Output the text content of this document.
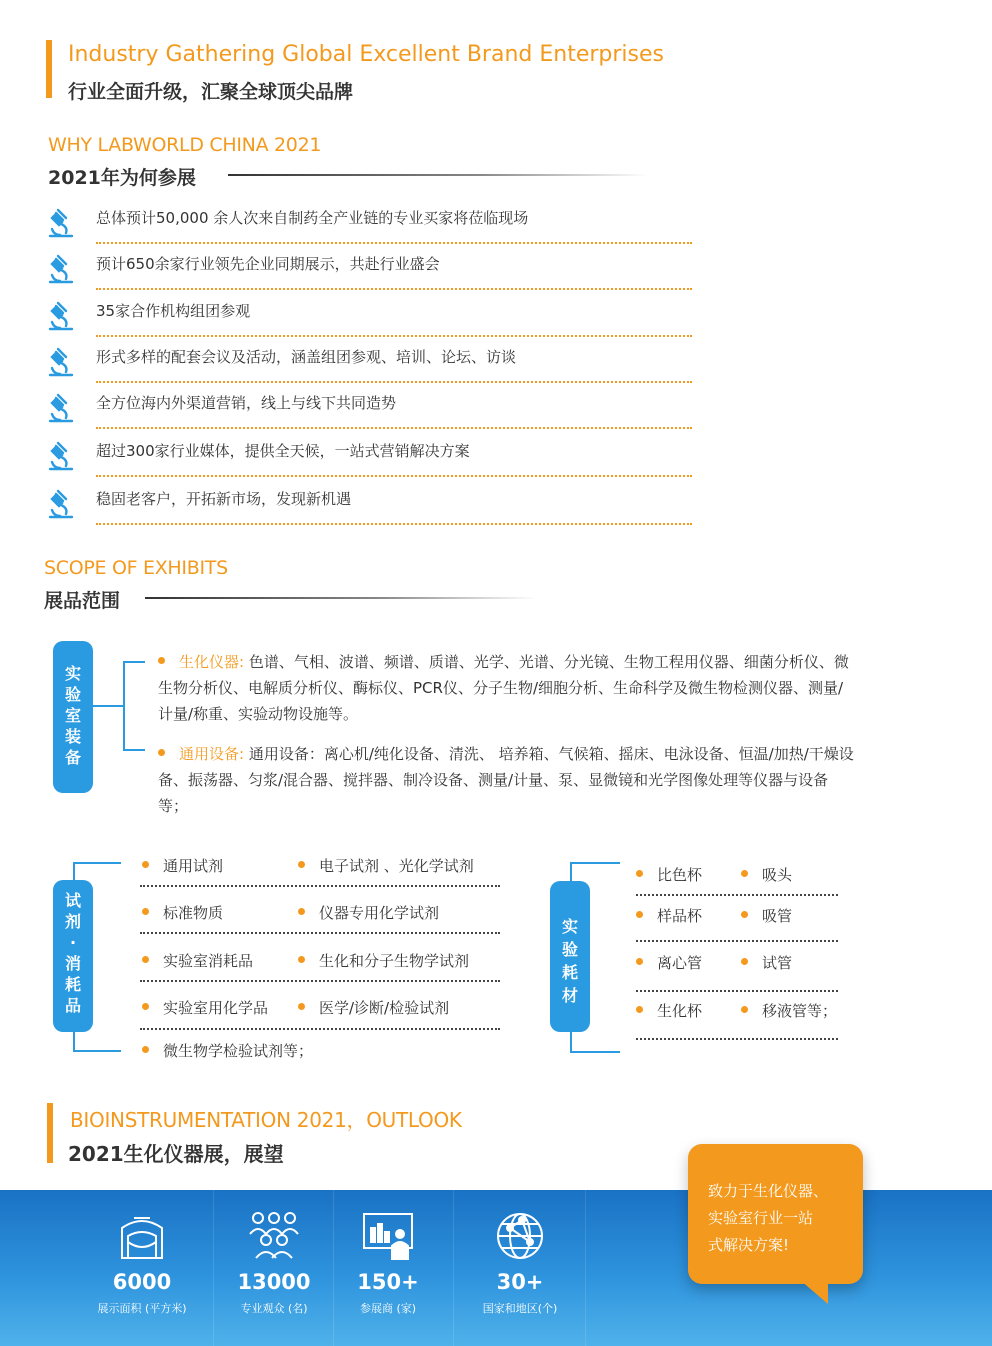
Industry Gathering Global Excellent Brand Enterprises
行业全面升级，汇聚全球顶尖品牌
WHY LABWORLD CHINA 2021
2021年为何参展
总体预计50,000 余人次来自制药全产业链的专业买家将莅临现场
预计650余家行业领先企业同期展示，共赴行业盛会
35家合作机构组团参观
形式多样的配套会议及活动，涵盖组团参观、培训、论坛、访谈
全方位海内外渠道营销，线上与线下共同造势
超过300家行业媒体，提供全天候，一站式营销解决方案
稳固老客户，开拓新市场，发现新机遇
SCOPE OF EXHIBITS
展品范围
实
验
室
装
备
生化仪器: 色谱、气相、波谱、频谱、质谱、光学、光谱、分光镜、生物工程用仪器、细菌分析仪、微生物分析仪、电解质分析仪、酶标仪、PCR仪、分子生物/细胞分析、生命科学及微生物检测仪器、测量/计量/称重、实验动物设施等。
通用设备: 通用设备：离心机/纯化设备、清洗、 培养箱、气候箱、摇床、电泳设备、恒温/加热/干燥设备、振荡器、匀浆/混合器、搅拌器、制冷设备、测量/计量、泵、显微镜和光学图像处理等仪器与设备等；
试
剂
·
消
耗
品
通用试剂	电子试剂 、光化学试剂
标准物质	仪器专用化学试剂
实验室消耗品	生化和分子生物学试剂
实验室用化学品	医学/诊断/检验试剂
微生物学检验试剂等；
实
验
耗
材
比色杯	吸头
样品杯	吸管
离心管	试管
生化杯	移液管等；
BIOINSTRUMENTATION 2021，OUTLOOK
2021生化仪器展，展望
6000
展示面积 (平方米)
13000
专业观众 (名)
150+
参展商 (家)
30+
国家和地区(个)
致力于生化仪器、
实验室行业一站
式解决方案!
